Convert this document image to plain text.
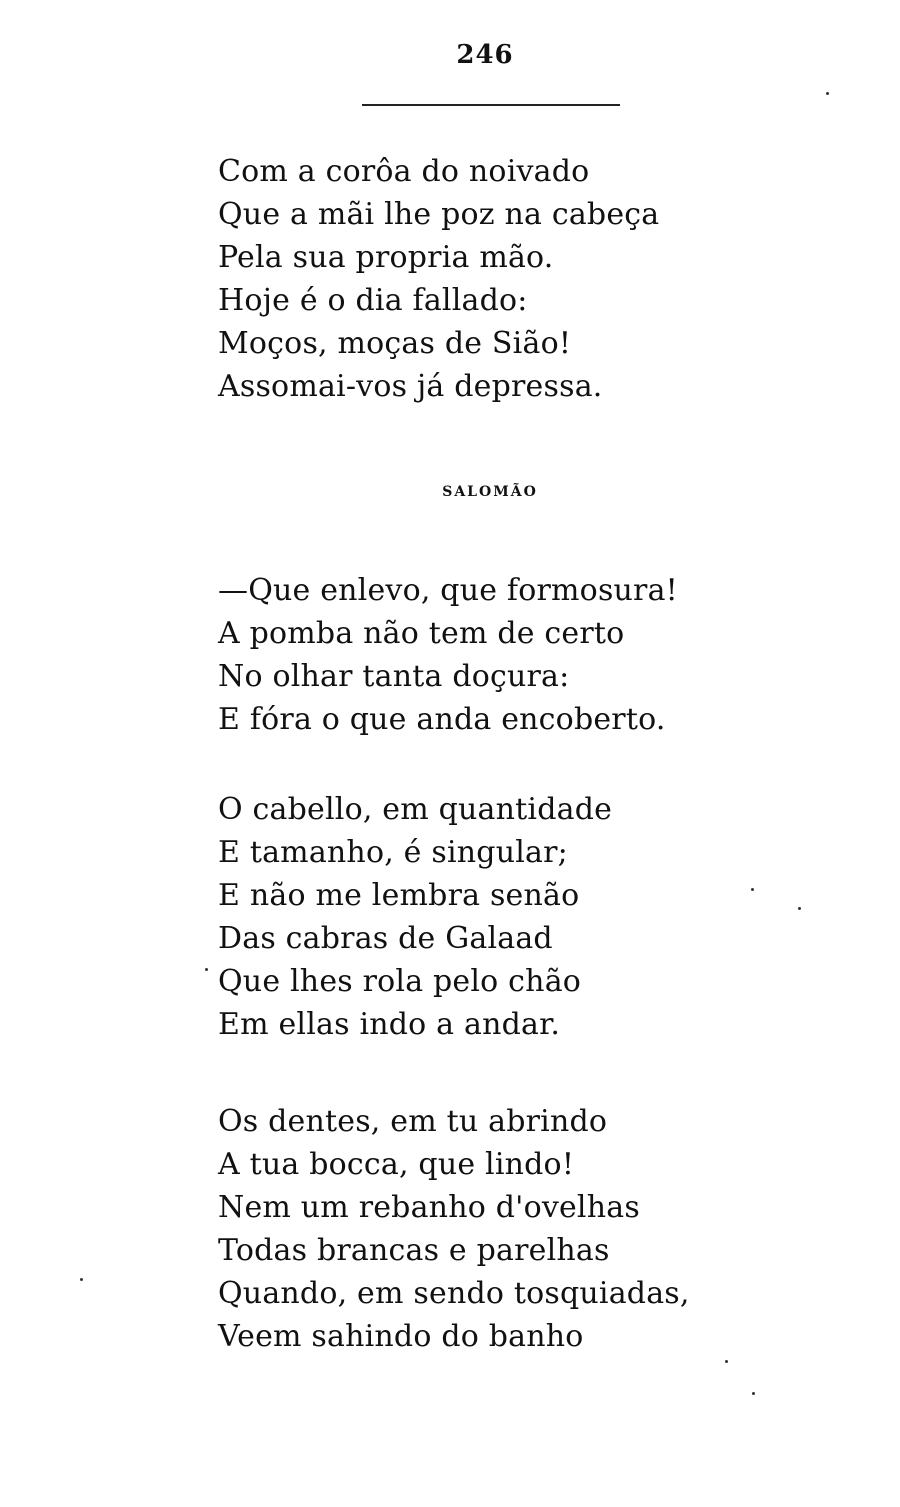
246
Com a corôa do noivado
Que a mãi lhe poz na cabeça
Pela sua propria mão.
Hoje é o dia fallado:
Moços, moças de Sião!
Assomai-vos já depressa.
SALOMÃO
—Que enlevo, que formosura!
A pomba não tem de certo
No olhar tanta doçura:
E fóra o que anda encoberto.
O cabello, em quantidade
E tamanho, é singular;
E não me lembra senão
Das cabras de Galaad
Que lhes rola pelo chão
Em ellas indo a andar.
Os dentes, em tu abrindo
A tua bocca, que lindo!
Nem um rebanho d'ovelhas
Todas brancas e parelhas
Quando, em sendo tosquiadas,
Veem sahindo do banho
